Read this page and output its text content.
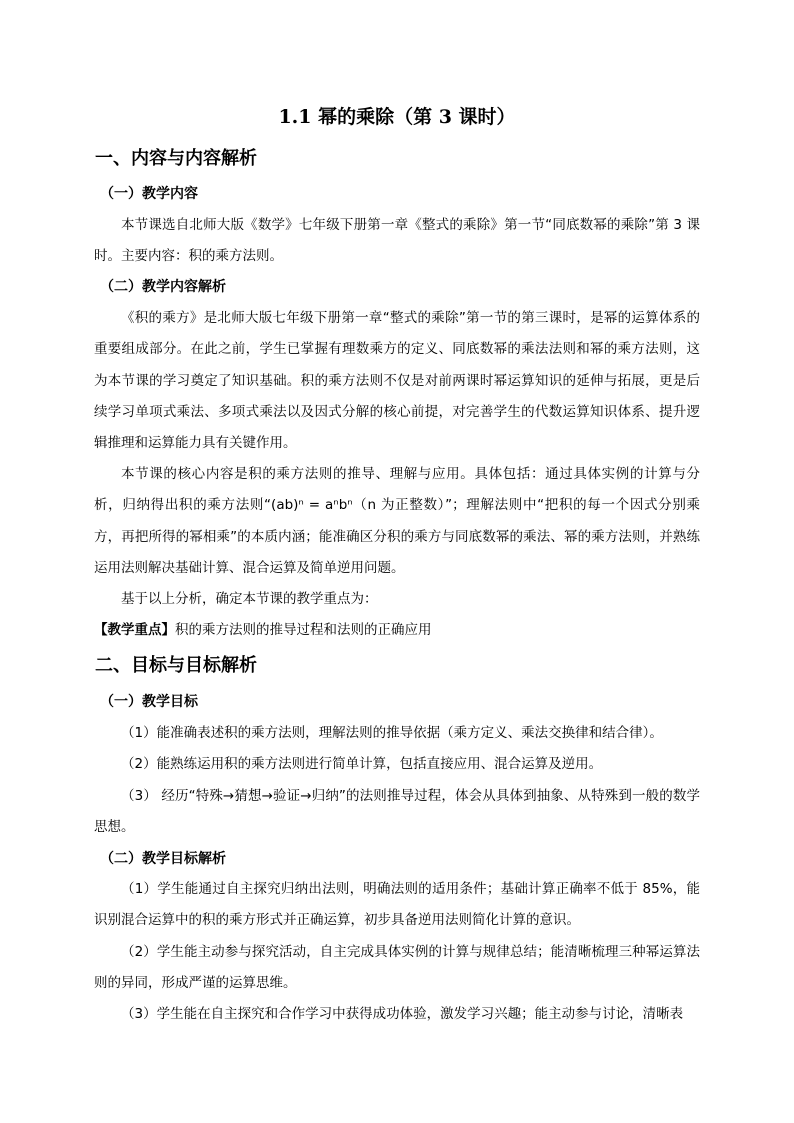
1.1 幂的乘除（第 3 课时）
一、内容与内容解析
（一）教学内容

本节课选自北师大版《数学》七年级下册第一章《整式的乘除》第一节“同底数幂的乘除”第 3 课时。主要内容：积的乘方法则。

（二）教学内容解析

《积的乘方》是北师大版七年级下册第一章“整式的乘除”第一节的第三课时，是幂的运算体系的重要组成部分。在此之前，学生已掌握有理数乘方的定义、同底数幂的乘法法则和幂的乘方法则，这为本节课的学习奠定了知识基础。积的乘方法则不仅是对前两课时幂运算知识的延伸与拓展，更是后续学习单项式乘法、多项式乘法以及因式分解的核心前提，对完善学生的代数运算知识体系、提升逻辑推理和运算能力具有关键作用。

本节课的核心内容是积的乘方法则的推导、理解与应用。具体包括：通过具体实例的计算与分析，归纳得出积的乘方法则“(ab)ⁿ = aⁿbⁿ（n 为正整数）”；理解法则中“把积的每一个因式分别乘方，再把所得的幂相乘”的本质内涵；能准确区分积的乘方与同底数幂的乘法、幂的乘方法则，并熟练运用法则解决基础计算、混合运算及简单逆用问题。

基于以上分析，确定本节课的教学重点为：

【教学重点】积的乘方法则的推导过程和法则的正确应用

二、目标与目标解析
（一）教学目标

（1）能准确表述积的乘方法则，理解法则的推导依据（乘方定义、乘法交换律和结合律）。

（2）能熟练运用积的乘方法则进行简单计算，包括直接应用、混合运算及逆用。

（3） 经历“特殊→猜想→验证→归纳”的法则推导过程，体会从具体到抽象、从特殊到一般的数学思想。

（二）教学目标解析

（1）学生能通过自主探究归纳出法则，明确法则的适用条件；基础计算正确率不低于 85%，能识别混合运算中的积的乘方形式并正确运算，初步具备逆用法则简化计算的意识。

（2）学生能主动参与探究活动，自主完成具体实例的计算与规律总结；能清晰梳理三种幂运算法则的异同，形成严谨的运算思维。

（3）学生能在自主探究和合作学习中获得成功体验，激发学习兴趣；能主动参与讨论，清晰表
